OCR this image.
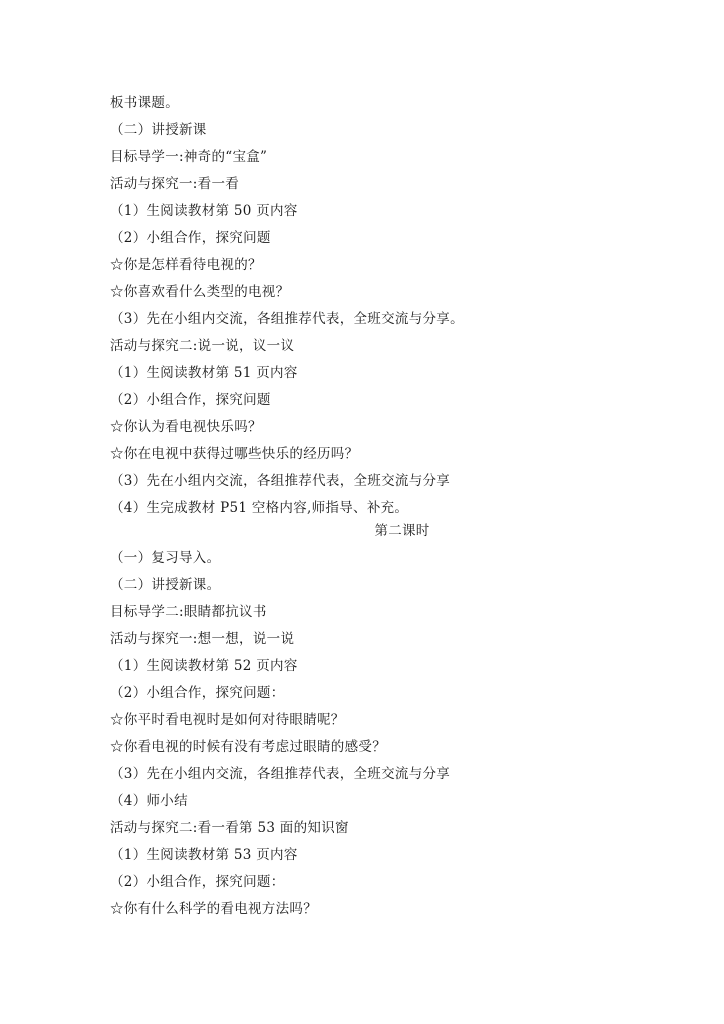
板书课题。
（二）讲授新课
目标导学一:神奇的“宝盒”
活动与探究一:看一看
（1）生阅读教材第 50 页内容
（2）小组合作，探究问题
☆你是怎样看待电视的？
☆你喜欢看什么类型的电视？
（3）先在小组内交流，各组推荐代表，全班交流与分享。
活动与探究二:说一说，议一议
（1）生阅读教材第 51 页内容
（2）小组合作，探究问题
☆你认为看电视快乐吗？
☆你在电视中获得过哪些快乐的经历吗？
（3）先在小组内交流，各组推荐代表，全班交流与分享
（4）生完成教材 P51 空格内容,师指导、补充。
第二课时
（一）复习导入。
（二）讲授新课。
目标导学二:眼睛都抗议书
活动与探究一:想一想，说一说
（1）生阅读教材第 52 页内容
（2）小组合作，探究问题：
☆你平时看电视时是如何对待眼睛呢？
☆你看电视的时候有没有考虑过眼睛的感受？
（3）先在小组内交流，各组推荐代表，全班交流与分享
（4）师小结
活动与探究二:看一看第 53 面的知识窗
（1）生阅读教材第 53 页内容
（2）小组合作，探究问题：
☆你有什么科学的看电视方法吗？
